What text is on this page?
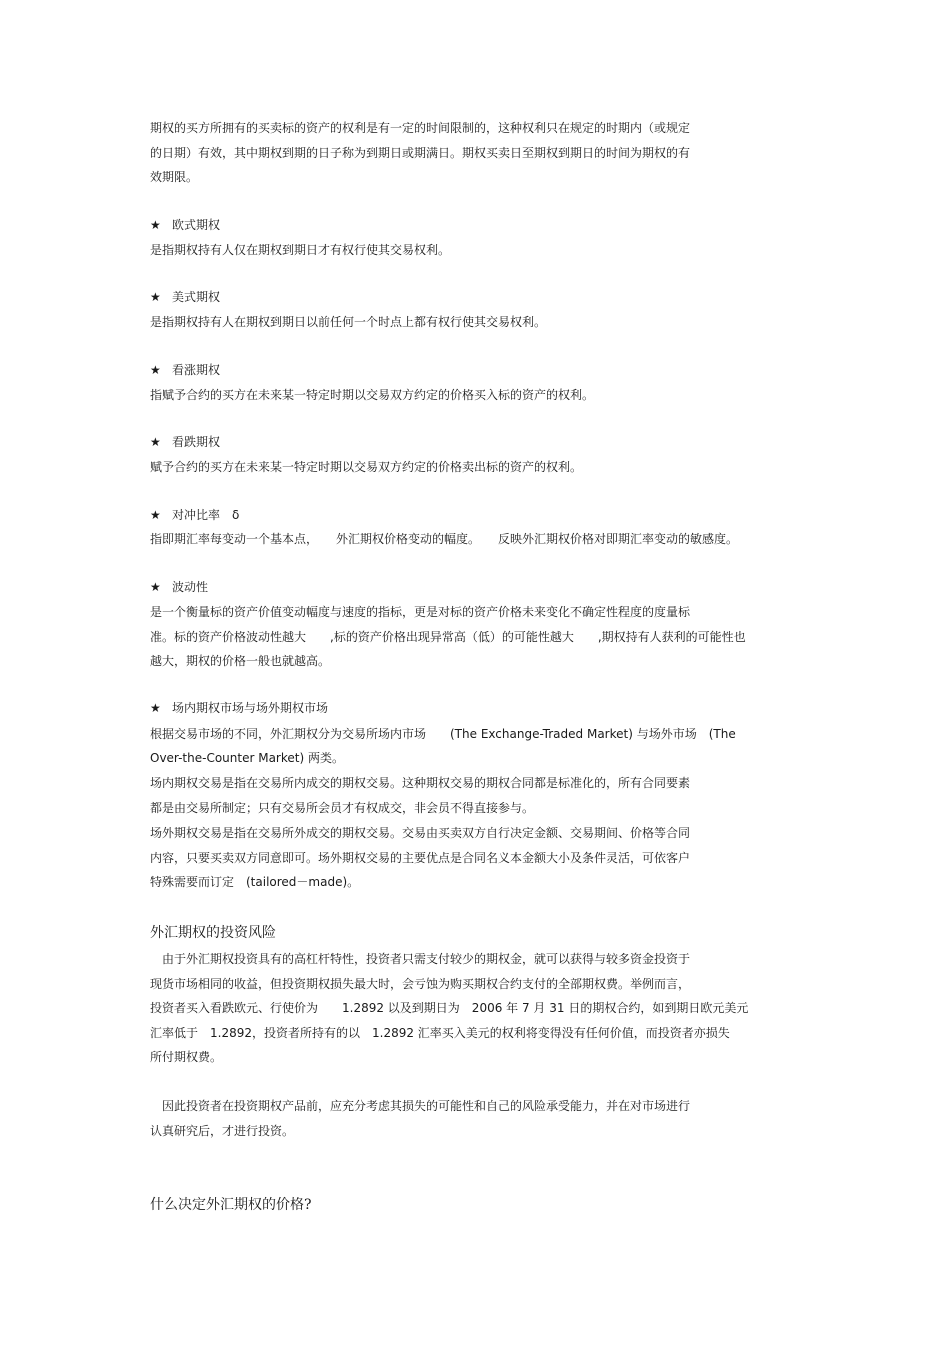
期权的买方所拥有的买卖标的资产的权利是有一定的时间限制的，这种权利只在规定的时期内（或规定
的日期）有效，其中期权到期的日子称为到期日或期满日。期权买卖日至期权到期日的时间为期权的有
效期限。
★ 欧式期权
是指期权持有人仅在期权到期日才有权行使其交易权利。
★ 美式期权
是指期权持有人在期权到期日以前任何一个时点上都有权行使其交易权利。
★ 看涨期权
指赋予合约的买方在未来某一特定时期以交易双方约定的价格买入标的资产的权利。
★ 看跌期权
赋予合约的买方在未来某一特定时期以交易双方约定的价格卖出标的资产的权利。
★ 对冲比率　δ
指即期汇率每变动一个基本点，　　外汇期权价格变动的幅度。　　反映外汇期权价格对即期汇率变动的敏感度。
★ 波动性
是一个衡量标的资产价值变动幅度与速度的指标，更是对标的资产价格未来变化不确定性程度的度量标
准。标的资产价格波动性越大　　,标的资产价格出现异常高（低）的可能性越大　　,期权持有人获利的可能性也
越大，期权的价格一般也就越高。
★ 场内期权市场与场外期权市场
根据交易市场的不同，外汇期权分为交易所场内市场　　(The Exchange-Traded Market) 与场外市场　(The
Over-the-Counter Market) 两类。
场内期权交易是指在交易所内成交的期权交易。这种期权交易的期权合同都是标准化的，所有合同要素
都是由交易所制定；只有交易所会员才有权成交，非会员不得直接参与。
场外期权交易是指在交易所外成交的期权交易。交易由买卖双方自行决定金额、交易期间、价格等合同
内容，只要买卖双方同意即可。场外期权交易的主要优点是合同名义本金额大小及条件灵活，可依客户
特殊需要而订定　(tailored－made)。
外汇期权的投资风险
　由于外汇期权投资具有的高杠杆特性，投资者只需支付较少的期权金，就可以获得与较多资金投资于
现货市场相同的收益，但投资期权损失最大时，会亏蚀为购买期权合约支付的全部期权费。举例而言，
投资者买入看跌欧元、行使价为　　1.2892 以及到期日为　2006 年 7 月 31 日的期权合约，如到期日欧元美元
汇率低于　1.2892，投资者所持有的以　1.2892 汇率买入美元的权利将变得没有任何价值，而投资者亦损失
所付期权费。
　因此投资者在投资期权产品前，应充分考虑其损失的可能性和自己的风险承受能力，并在对市场进行
认真研究后，才进行投资。
什么决定外汇期权的价格?
